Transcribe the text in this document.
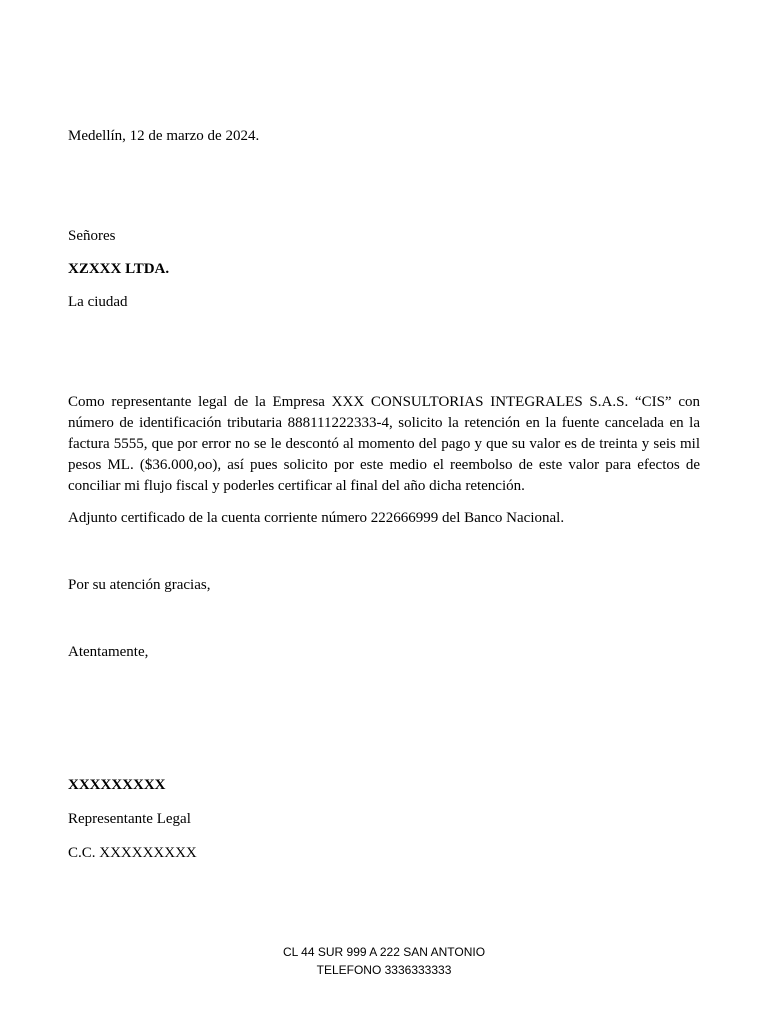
Medellín, 12 de marzo de 2024.
Señores
XZXXX LTDA.
La ciudad
Como representante legal de la Empresa XXX CONSULTORIAS INTEGRALES S.A.S. “CIS” con
número de identificación tributaria 888111222333-4, solicito la retención en la fuente cancelada en la
factura 5555, que por error no se le descontó al momento del pago y que su valor es de treinta y seis mil
pesos ML. ($36.000,oo), así pues solicito por este medio el reembolso de este valor para efectos de
conciliar mi flujo fiscal y poderles certificar al final del año dicha retención.
Adjunto certificado de la cuenta corriente número 222666999 del Banco Nacional.
Por su atención gracias,
Atentamente,
XXXXXXXXX
Representante Legal
C.C. XXXXXXXXX
CL 44 SUR 999 A 222 SAN ANTONIO
TELEFONO 3336333333
